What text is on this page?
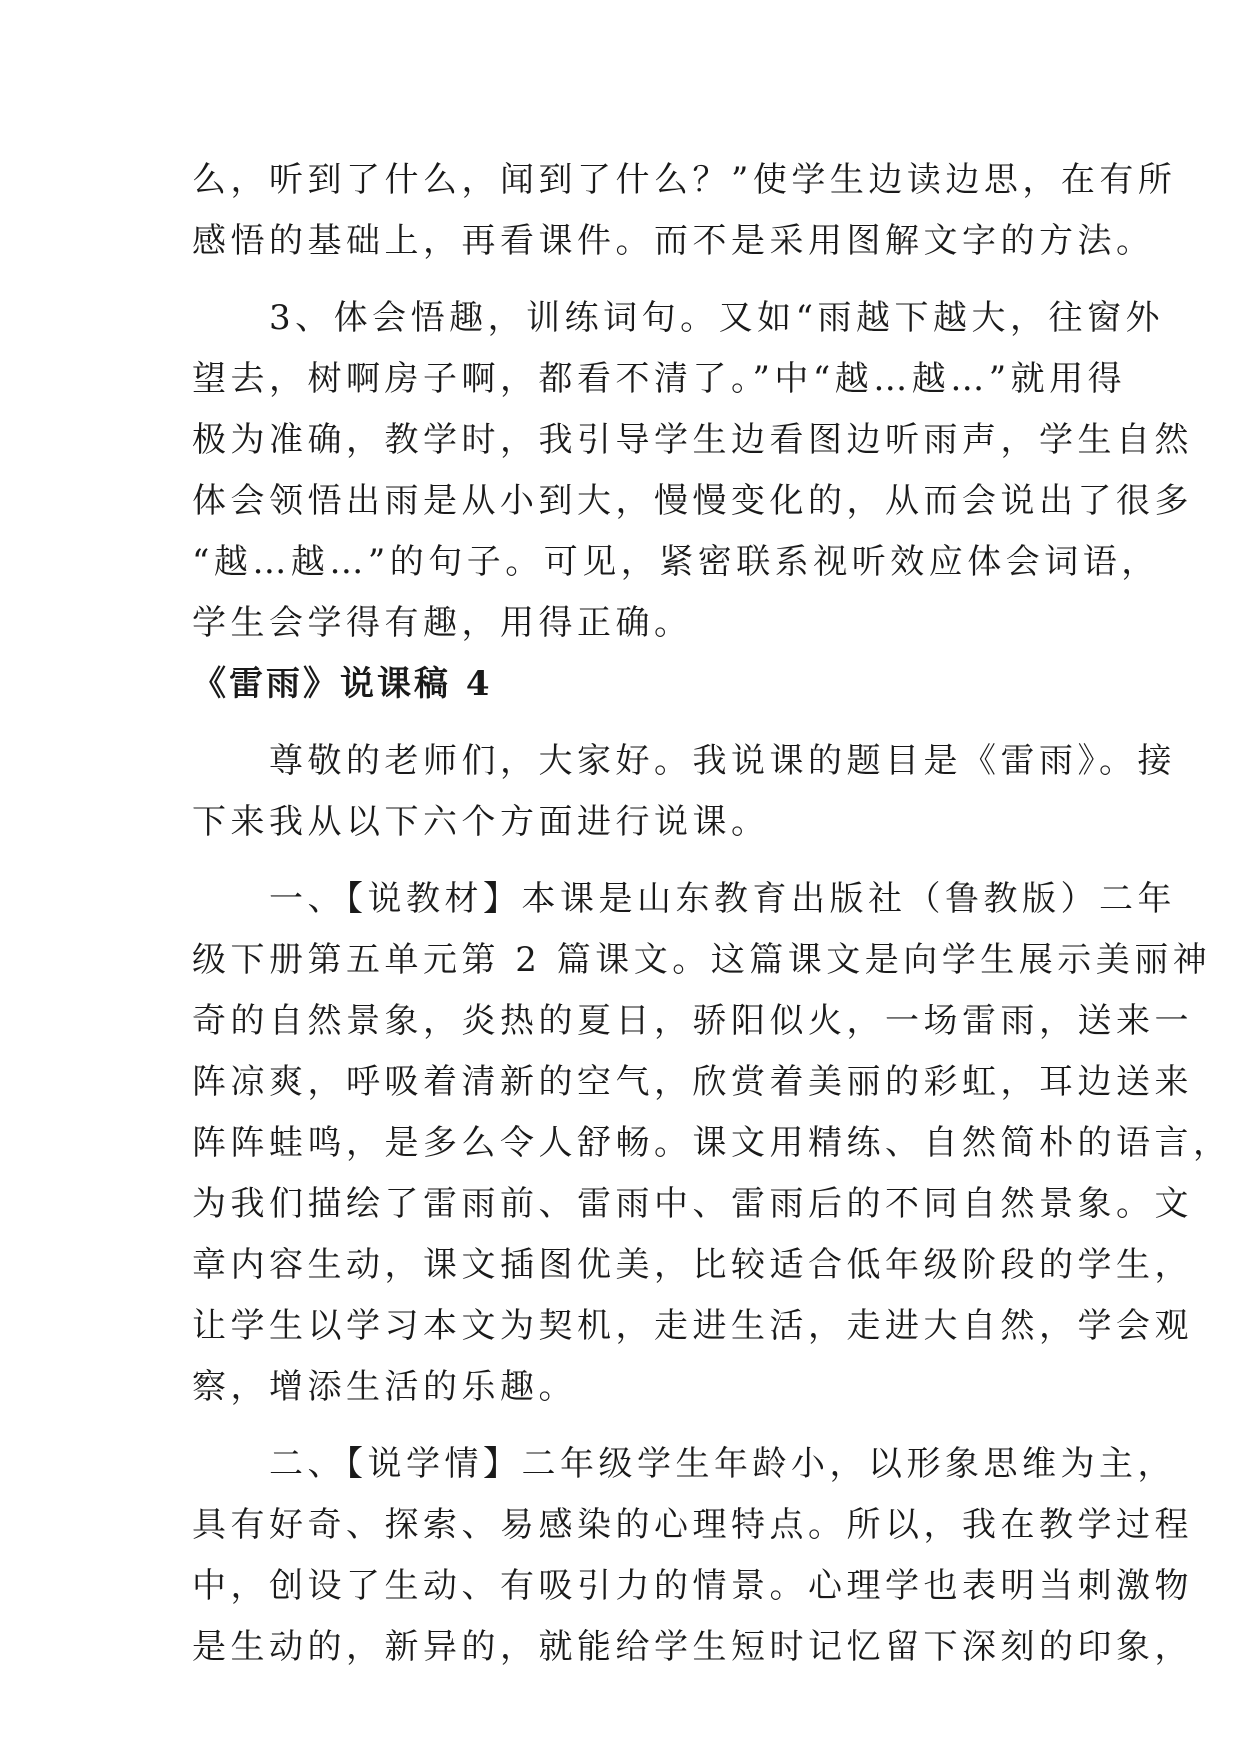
么，听到了什么，闻到了什么？”使学生边读边思，在有所
感悟的基础上，再看课件。而不是采用图解文字的方法。

　　3、体会悟趣，训练词句。又如“雨越下越大，往窗外
望去，树啊房子啊，都看不清了。”中“越…越…”就用得
极为准确，教学时，我引导学生边看图边听雨声，学生自然
体会领悟出雨是从小到大，慢慢变化的，从而会说出了很多
“越…越…”的句子。可见，紧密联系视听效应体会词语，
学生会学得有趣，用得正确。

《雷雨》说课稿 4

　　尊敬的老师们，大家好。我说课的题目是《雷雨》。接
下来我从以下六个方面进行说课。

　　一、【说教材】本课是山东教育出版社（鲁教版）二年
级下册第五单元第 2 篇课文。这篇课文是向学生展示美丽神
奇的自然景象，炎热的夏日，骄阳似火，一场雷雨，送来一
阵凉爽，呼吸着清新的空气，欣赏着美丽的彩虹，耳边送来
阵阵蛙鸣，是多么令人舒畅。课文用精练、自然简朴的语言，
为我们描绘了雷雨前、雷雨中、雷雨后的不同自然景象。文
章内容生动，课文插图优美，比较适合低年级阶段的学生，
让学生以学习本文为契机，走进生活，走进大自然，学会观
察，增添生活的乐趣。

　　二、【说学情】二年级学生年龄小，以形象思维为主，
具有好奇、探索、易感染的心理特点。所以，我在教学过程
中，创设了生动、有吸引力的情景。心理学也表明当刺激物
是生动的，新异的，就能给学生短时记忆留下深刻的印象，
